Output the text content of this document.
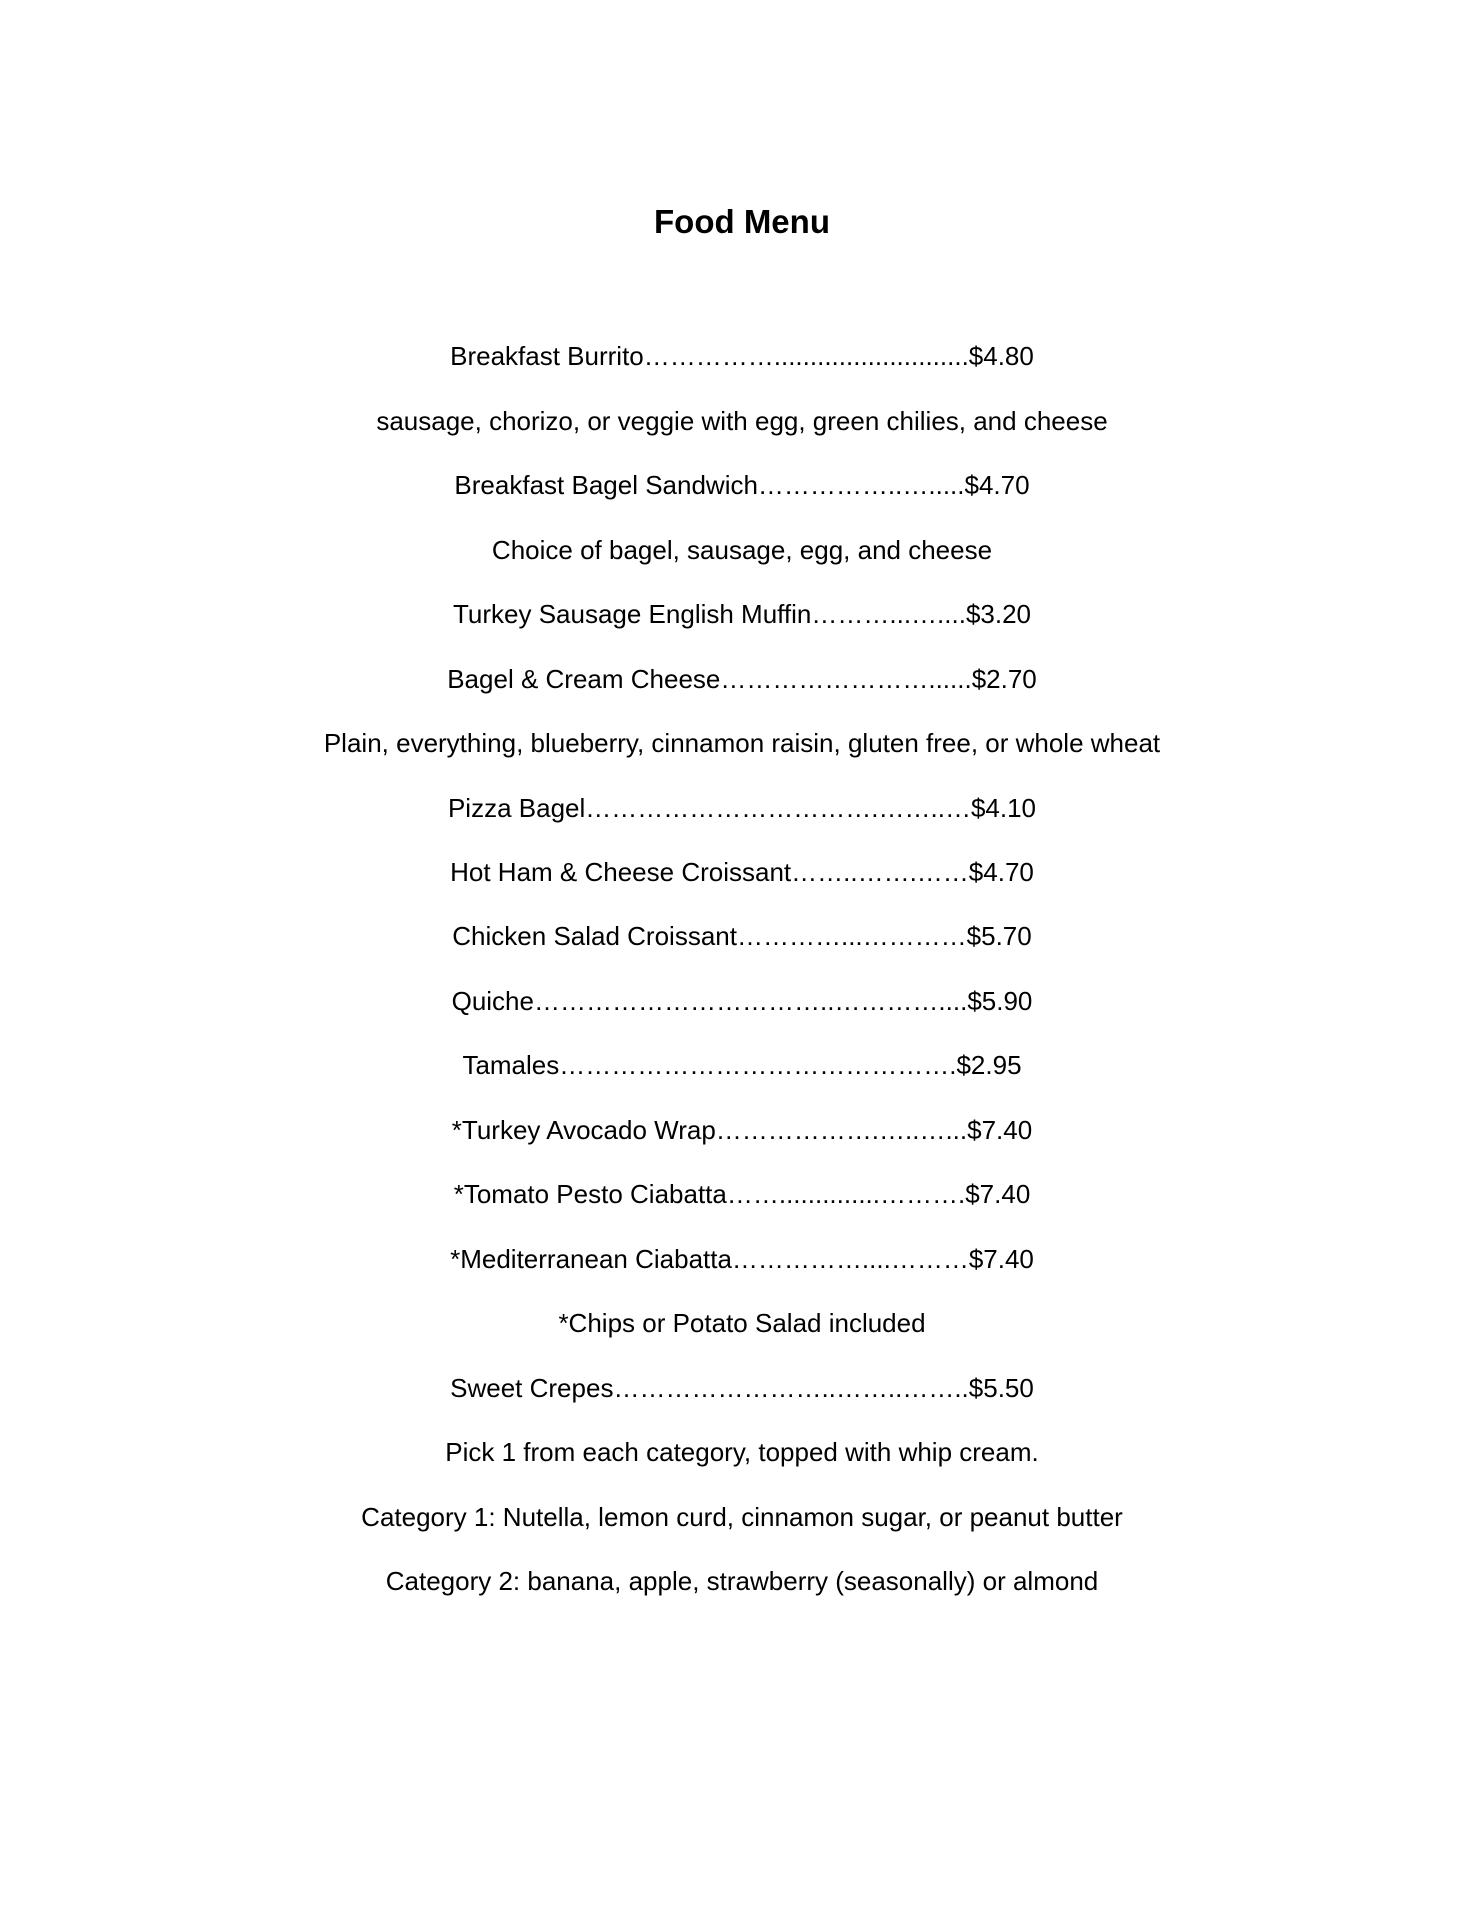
Food Menu

Breakfast Burrito……………...........................$4.80

sausage, chorizo, or veggie with egg, green chilies, and cheese

Breakfast Bagel Sandwich……………..….....$4.70

Choice of bagel, sausage, egg, and cheese

Turkey Sausage English Muffin………...…....$3.20

Bagel & Cream Cheese……………………......$2.70

Plain, everything, blueberry, cinnamon raisin, gluten free, or whole wheat

Pizza Bagel…………………………….……..…$4.10

Hot Ham & Cheese Croissant……..…….……$4.70

Chicken Salad Croissant…………...…………$5.70

Quiche……………………………..…………....$5.90

Tamales……………………………………….$2.95

*Turkey Avocado Wrap……………….…..…...$7.40

*Tomato Pesto Ciabatta……..............……….$7.40

*Mediterranean Ciabatta……………....………$7.40

*Chips or Potato Salad included

Sweet Crepes……………………..……..……..$5.50

Pick 1 from each category, topped with whip cream.

Category 1: Nutella, lemon curd, cinnamon sugar, or peanut butter

Category 2: banana, apple, strawberry (seasonally) or almond
